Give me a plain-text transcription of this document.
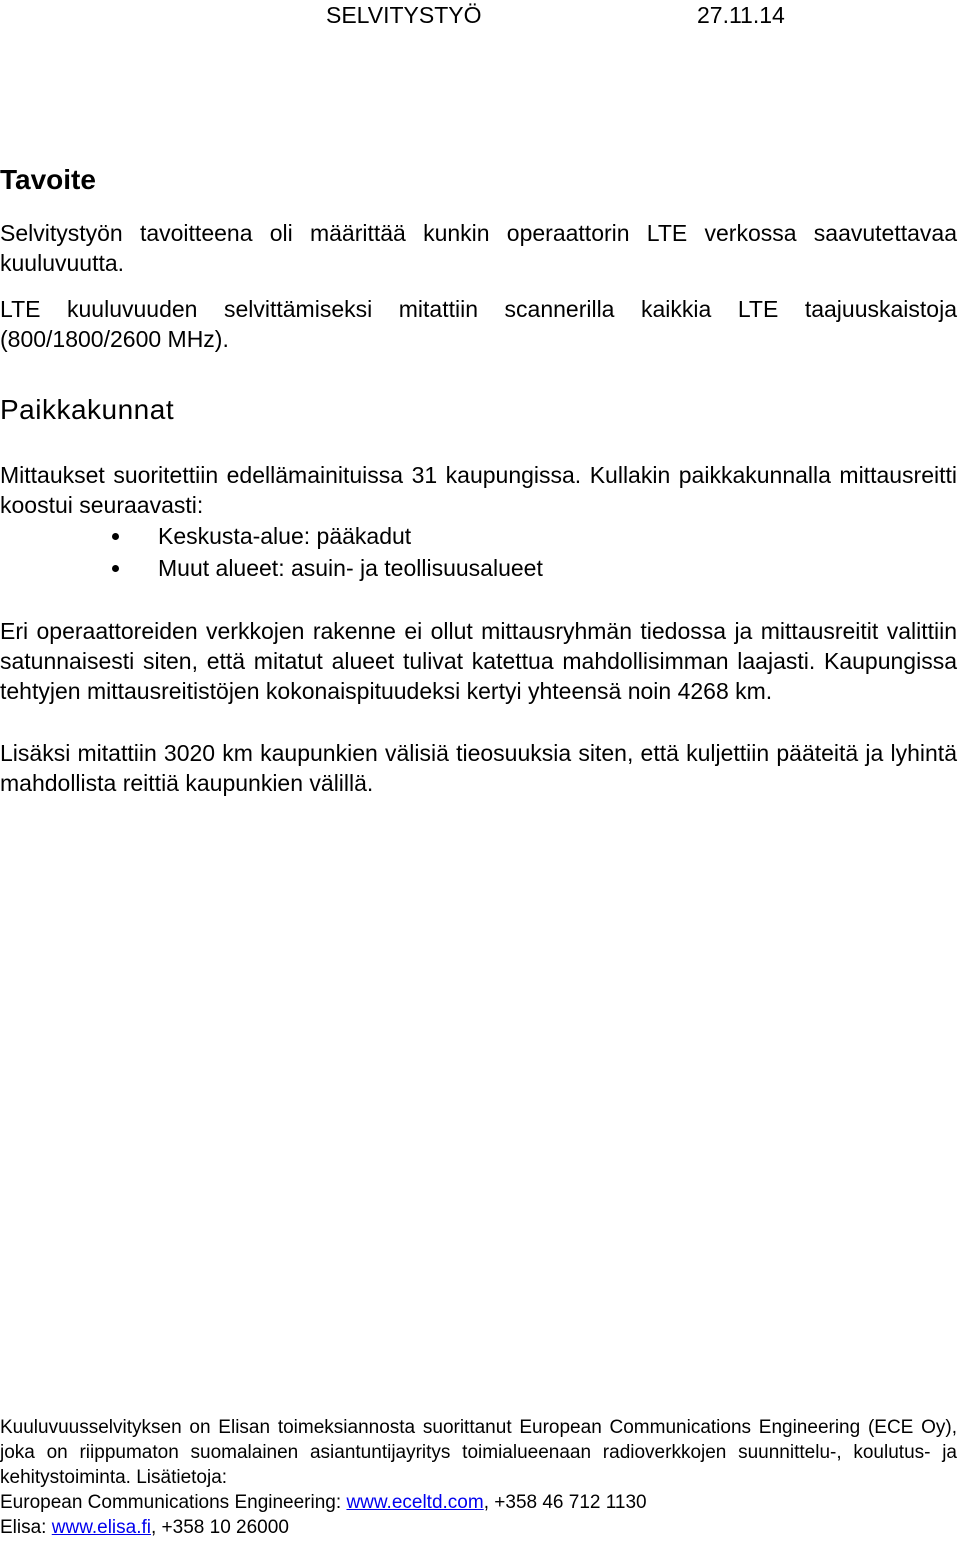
SELVITYSTYÖ	27.11.14
Tavoite

Selvitystyön tavoitteena oli määrittää kunkin operaattorin LTE verkossa saavutettavaa kuuluvuutta.

LTE kuuluvuuden selvittämiseksi mitattiin scannerilla kaikkia LTE taajuuskaistoja (800/1800/2600 MHz).

Paikkakunnat

Mittaukset suoritettiin edellämainituissa 31 kaupungissa. Kullakin paikkakunnalla mittausreitti koostui seuraavasti:

Keskusta-alue: pääkadut
Muut alueet: asuin- ja teollisuusalueet

Eri operaattoreiden verkkojen rakenne ei ollut mittausryhmän tiedossa ja mittausreitit valittiin satunnaisesti siten, että mitatut alueet tulivat katettua mahdollisimman laajasti. Kaupungissa tehtyjen mittausreitistöjen kokonaispituudeksi kertyi yhteensä noin 4268 km.

Lisäksi mitattiin 3020 km kaupunkien välisiä tieosuuksia siten, että kuljettiin pääteitä ja lyhintä mahdollista reittiä kaupunkien välillä.

Kuuluvuusselvityksen on Elisan toimeksiannosta suorittanut European Communications Engineering (ECE Oy), joka on riippumaton suomalainen asiantuntijayritys toimialueenaan radioverkkojen suunnittelu-, koulutus- ja kehitystoiminta. Lisätietoja:

European Communications Engineering: www.eceltd.com, +358 46 712 1130
Elisa: www.elisa.fi, +358 10 26000
